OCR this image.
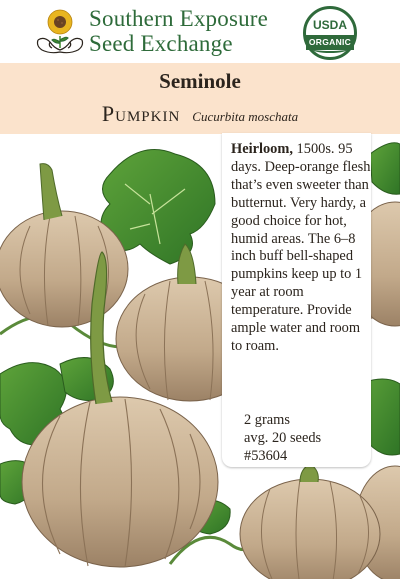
Southern Exposure
Seed Exchange
USDA
ORGANIC
Seminole
Pumpkin Cucurbita moschata
Heirloom, 1500s. 95 days. Deep-orange flesh that’s even sweeter than butternut. Very hardy, a good choice for hot, humid areas. The 6–8 inch buff bell-shaped pumpkins keep up to 1 year at room temperature. Provide ample water and room to roam.
2 grams
avg. 20 seeds
#53604
